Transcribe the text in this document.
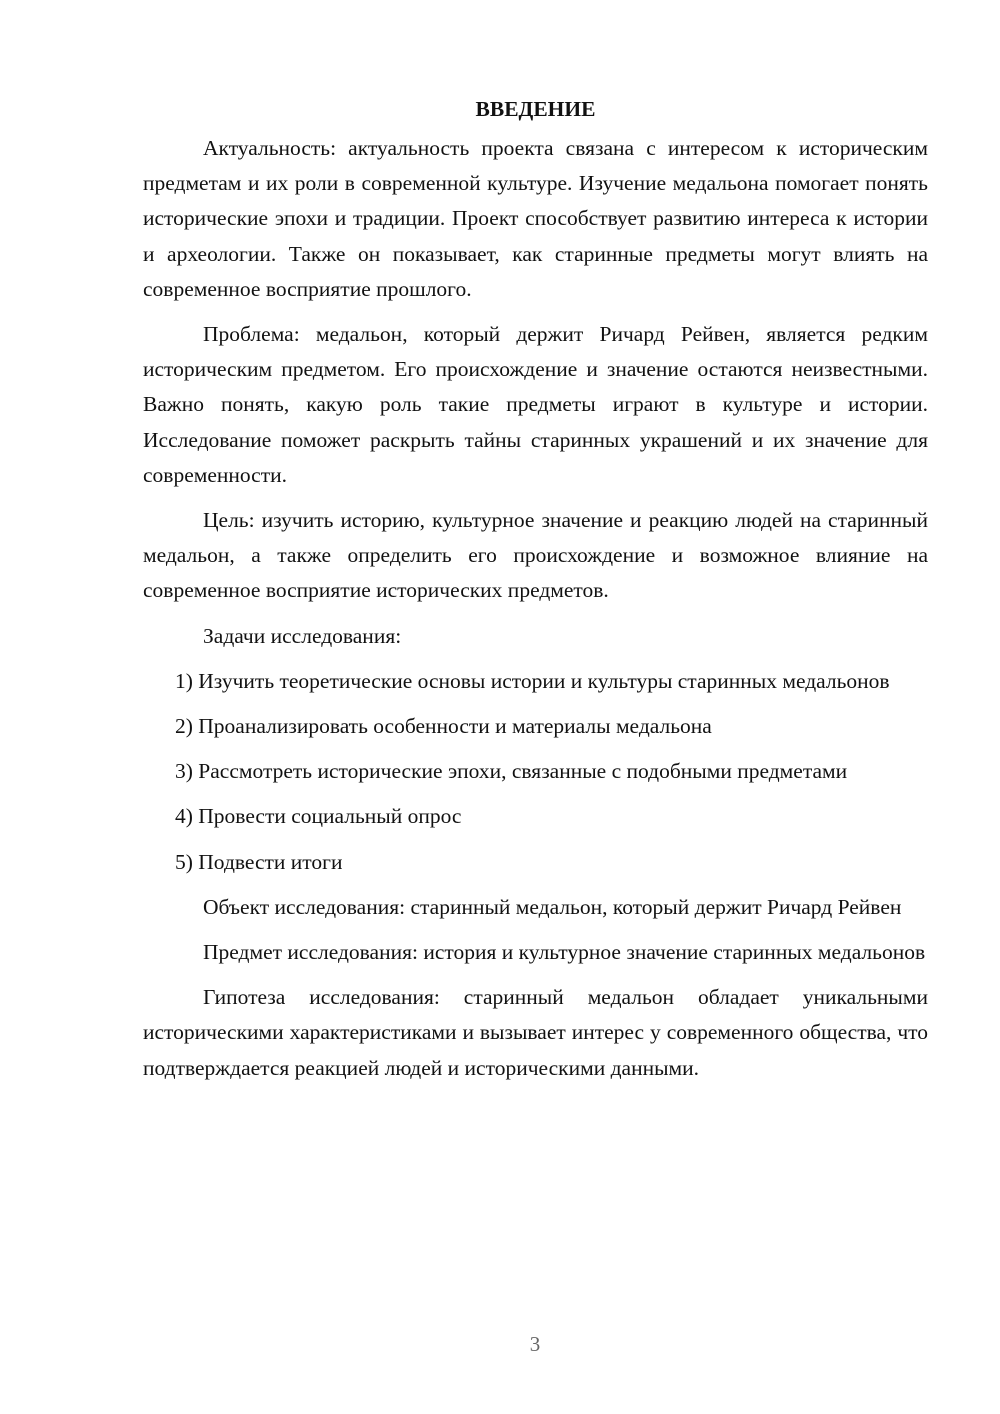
ВВЕДЕНИЕ

Актуальность: актуальность проекта связана с интересом к историческим предметам и их роли в современной культуре. Изучение медальона помогает понять исторические эпохи и традиции. Проект способствует развитию интереса к истории и археологии. Также он показывает, как старинные предметы могут влиять на современное восприятие прошлого.

Проблема: медальон, который держит Ричард Рейвен, является редким историческим предметом. Его происхождение и значение остаются неизвестными. Важно понять, какую роль такие предметы играют в культуре и истории. Исследование поможет раскрыть тайны старинных украшений и их значение для современности.

Цель: изучить историю, культурное значение и реакцию людей на старинный медальон, а также определить его происхождение и возможное влияние на современное восприятие исторических предметов.

Задачи исследования:

1) Изучить теоретические основы истории и культуры старинных медальонов

2) Проанализировать особенности и материалы медальона

3) Рассмотреть исторические эпохи, связанные с подобными предметами

4) Провести социальный опрос

5) Подвести итоги

Объект исследования: старинный медальон, который держит Ричард Рейвен

Предмет исследования: история и культурное значение старинных медальонов

Гипотеза исследования: старинный медальон обладает уникальными историческими характеристиками и вызывает интерес у современного общества, что подтверждается реакцией людей и историческими данными.

3
